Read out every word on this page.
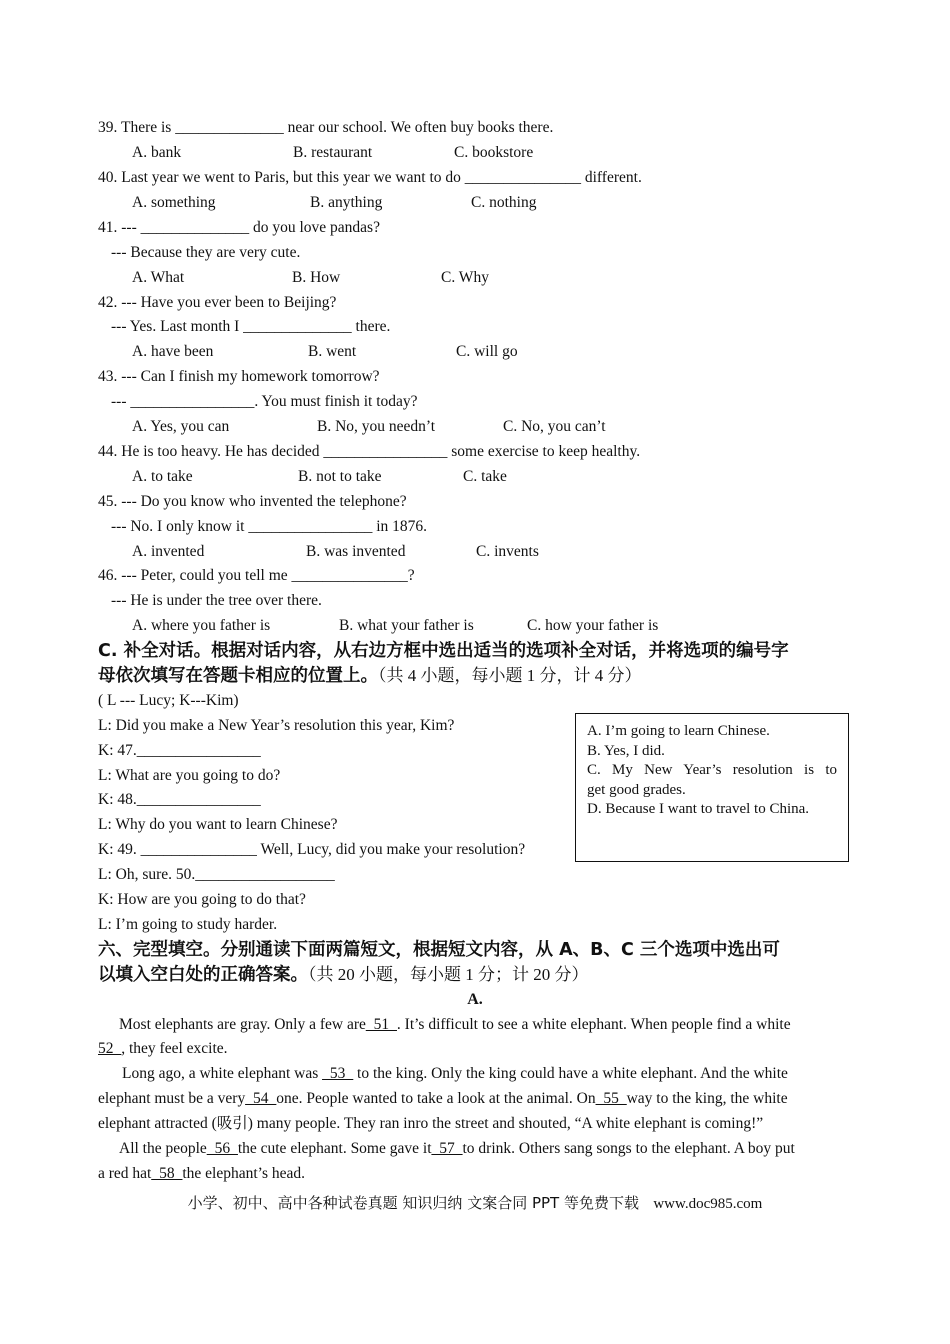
39. There is ______________ near our school. We often buy books there.
A. bank	B. restaurant	C. bookstore
40. Last year we went to Paris, but this year we want to do _______________ different.
A. something	B. anything	C. nothing
41. --- ______________ do you love pandas?
--- Because they are very cute.
A. What	B. How	C. Why
42. --- Have you ever been to Beijing?
--- Yes. Last month I ______________ there.
A. have been	B. went	C. will go
43. --- Can I finish my homework tomorrow?
--- ________________. You must finish it today?
A. Yes, you can	B. No, you needn’t	C. No, you can’t
44. He is too heavy. He has decided ________________ some exercise to keep healthy.
A. to take	B. not to take	C. take
45. --- Do you know who invented the telephone?
--- No. I only know it ________________ in 1876.
A. invented	B. was invented	C. invents
46. --- Peter, could you tell me _______________?
--- He is under the tree over there.
A. where you father is	B. what your father is	C. how your father is
C. 补全对话。根据对话内容，从右边方框中选出适当的选项补全对话，并将选项的编号字
母依次填写在答题卡相应的位置上。（共 4 小题，每小题 1 分，计 4 分）
( L --- Lucy; K---Kim)
L: Did you make a New Year’s resolution this year, Kim?
K: 47.________________
L: What are you going to do?
K: 48.________________
L: Why do you want to learn Chinese?
K: 49. _______________ Well, Lucy, did you make your resolution?
L: Oh, sure. 50.__________________
K: How are you going to do that?
L: I’m going to study harder.
A. I’m going to learn Chinese.
B. Yes, I did.
C. My New Year’s resolution is to
get good grades.
D. Because I want to travel to China.
六、完型填空。分别通读下面两篇短文，根据短文内容，从 A、B、C 三个选项中选出可
以填入空白处的正确答案。（共 20 小题，每小题 1 分；计 20 分）
A.
Most elephants are gray. Only a few are_51_. It’s difficult to see a white elephant. When people find a white
52_, they feel excite.
Long ago, a white elephant was _53_ to the king. Only the king could have a white elephant. And the white
elephant must be a very_54_one. People wanted to take a look at the animal. On_55_way to the king, the white
elephant attracted (吸引) many people. They ran inro the street and shouted, “A white elephant is coming!”
All the people_56_the cute elephant. Some gave it_57_to drink. Others sang songs to the elephant. A boy put
a red hat_58_the elephant’s head.
小学、初中、高中各种试卷真题 知识归纳 文案合同 PPT 等免费下载 www.doc985.com
